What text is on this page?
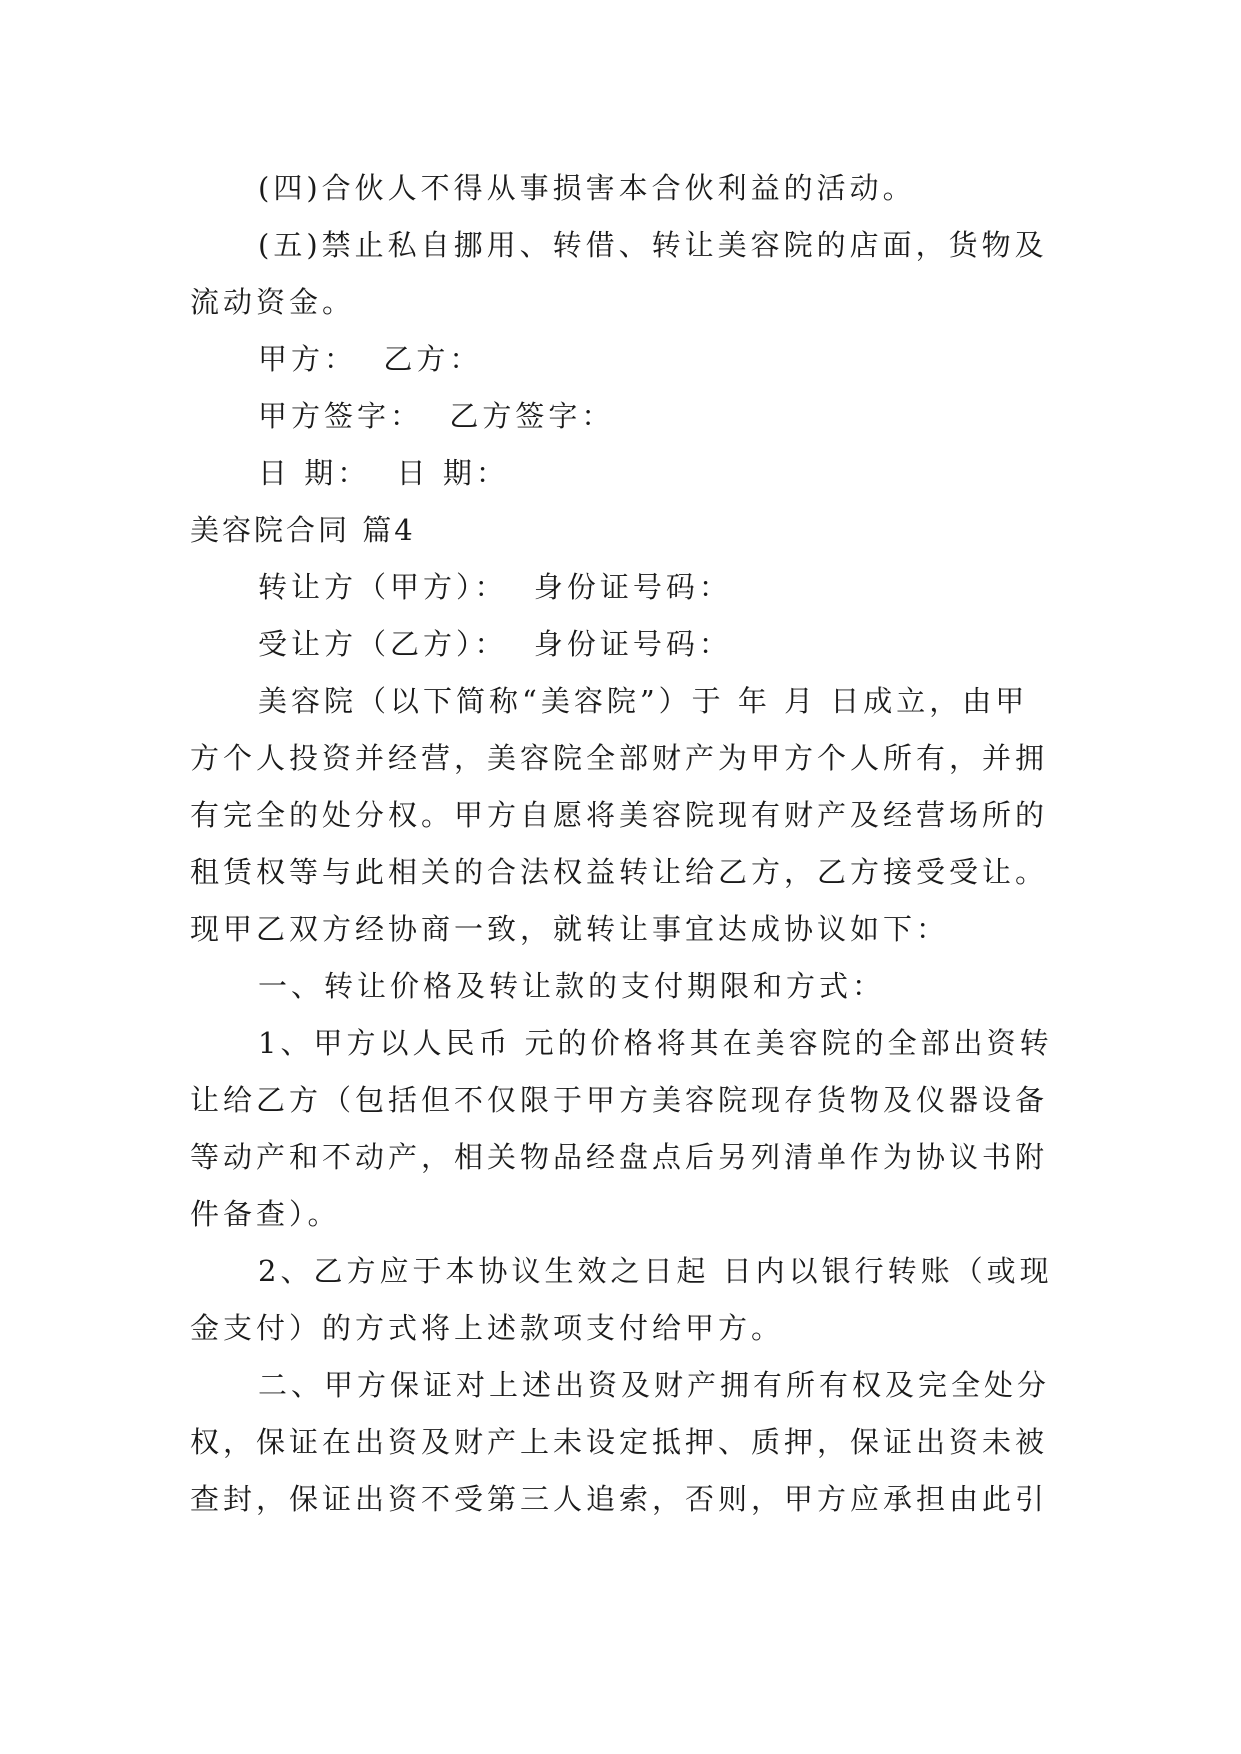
(四)合伙人不得从事损害本合伙利益的活动。

(五)禁止私自挪用、转借、转让美容院的店面，货物及流动资金。

甲方：  乙方：

甲方签字：  乙方签字：

日 期：  日 期：

美容院合同 篇4

转让方（甲方）：  身份证号码：

受让方（乙方）：  身份证号码：

美容院（以下简称“美容院”）于 年 月 日成立，由甲方个人投资并经营，美容院全部财产为甲方个人所有，并拥有完全的处分权。甲方自愿将美容院现有财产及经营场所的租赁权等与此相关的合法权益转让给乙方，乙方接受受让。现甲乙双方经协商一致，就转让事宜达成协议如下：

一、转让价格及转让款的支付期限和方式：

1、甲方以人民币 元的价格将其在美容院的全部出资转让给乙方（包括但不仅限于甲方美容院现存货物及仪器设备等动产和不动产，相关物品经盘点后另列清单作为协议书附件备查）。

2、乙方应于本协议生效之日起 日内以银行转账（或现金支付）的方式将上述款项支付给甲方。

二、甲方保证对上述出资及财产拥有所有权及完全处分权，保证在出资及财产上未设定抵押、质押，保证出资未被查封，保证出资不受第三人追索，否则，甲方应承担由此引
